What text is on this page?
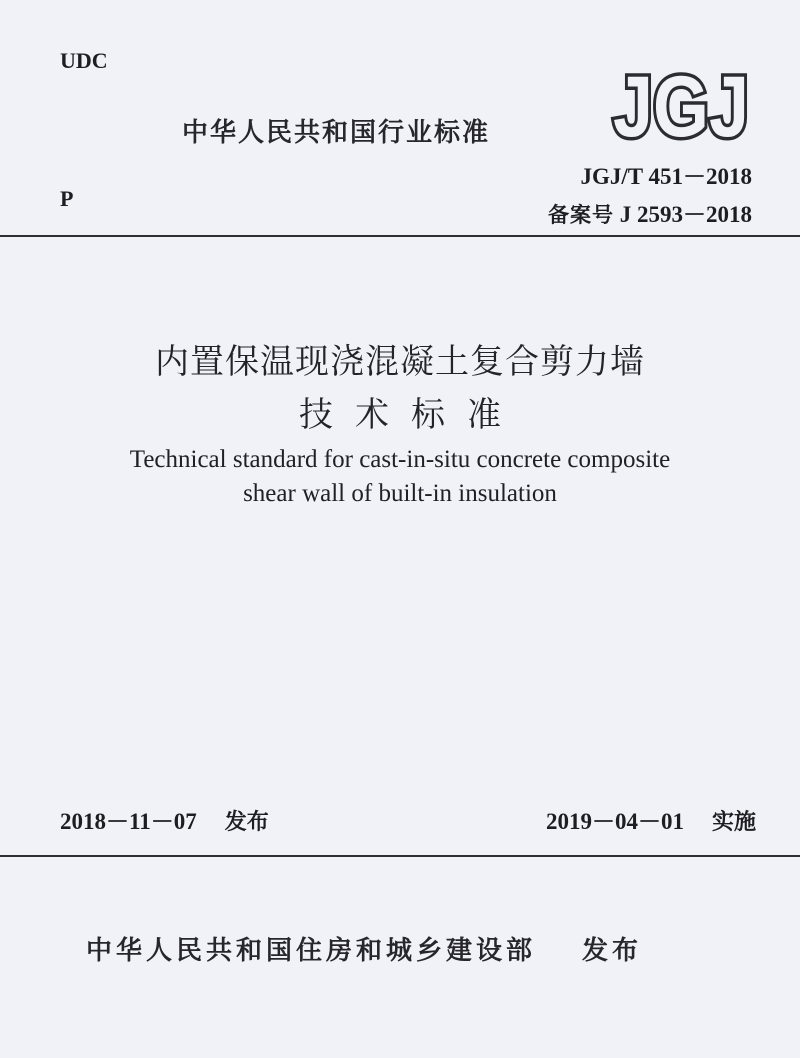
UDC
P
中华人民共和国行业标准 JGJ
JGJ/T 451－2018
备案号 J 2593－2018
内置保温现浇混凝土复合剪力墙
技术标准
Technical standard for cast-in-situ concrete composite
shear wall of built-in insulation
2018－11－07 发布	2019－04－01 实施
中华人民共和国住房和城乡建设部 发布
